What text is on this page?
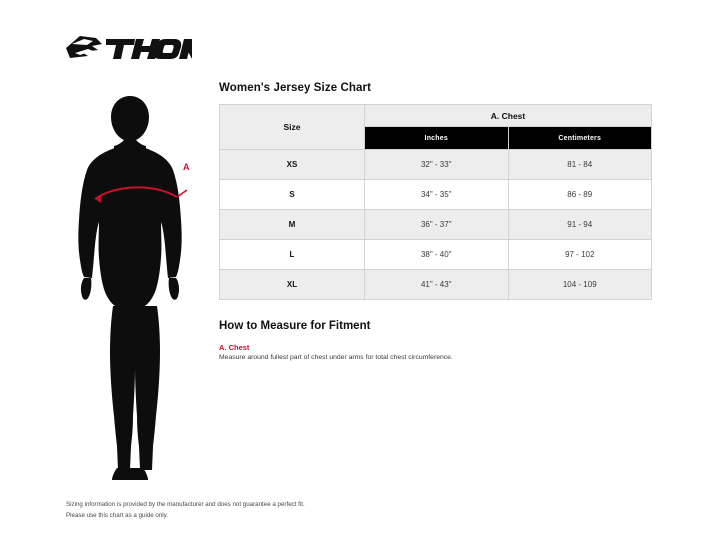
A
Women's Jersey Size Chart
Size	A. Chest	
	Inches	Centimeters
XS	32" - 33"	81 - 84
S	34" - 35"	86 - 89
M	36" - 37"	91 - 94
L	38" - 40"	97 - 102
XL	41" - 43"	104 - 109
How to Measure for Fitment
A. Chest
Measure around fullest part of chest under arms for total chest circumference.
Sizing information is provided by the manufacturer and does not guarantee a perfect fit.
Please use this chart as a guide only.
